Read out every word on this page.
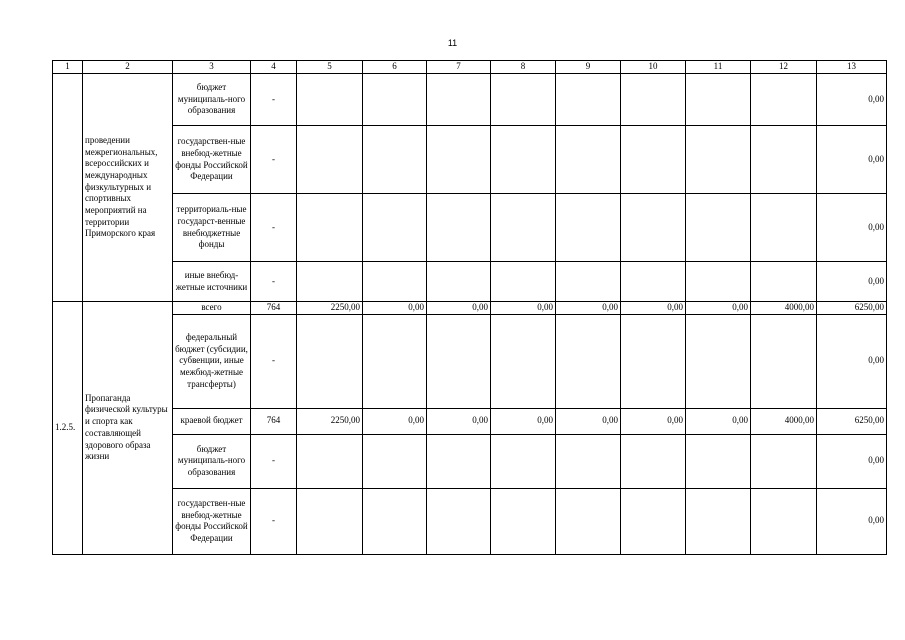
11
1	2	3	4	5	6	7	8	9	10	11	12	13
	проведении межрегиональных, всероссийских и международных физкультурных и спортивных мероприятий на территории Приморского края	бюджет муниципаль-ного образования	-									0,00
		государствен-ные внебюд-жетные фонды Российской Федерации	-									0,00
		территориаль-ные государст-венные внебюджетные фонды	-									0,00
		иные внебюд-жетные источники	-									0,00
1.2.5.	Пропаганда физической культуры и спорта как составляющей здорового образа жизни	всего	764	2250,00	0,00	0,00	0,00	0,00	0,00	0,00	4000,00	6250,00
		федеральный бюджет (субсидии, субвенции, иные межбюд-жетные трансферты)	-									0,00
		краевой бюджет	764	2250,00	0,00	0,00	0,00	0,00	0,00	0,00	4000,00	6250,00
		бюджет муниципаль-ного образования	-									0,00
		государствен-ные внебюд-жетные фонды Российской Федерации	-									0,00
